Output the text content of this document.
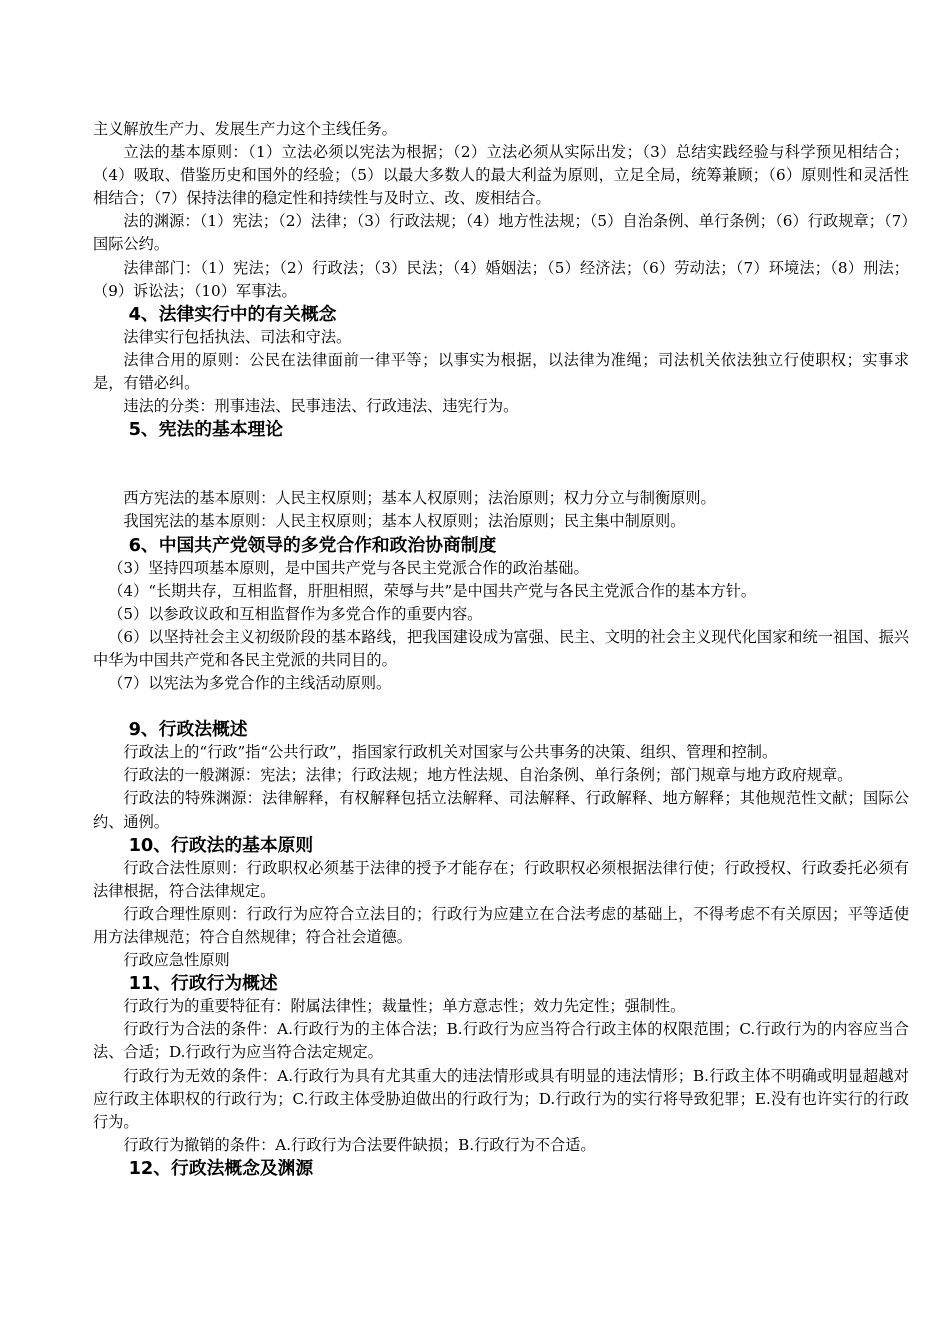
主义解放生产力、发展生产力这个主线任务。

立法的基本原则：（1）立法必须以宪法为根据；（2）立法必须从实际出发；（3）总结实践经验与科学预见相结合；（4）吸取、借鉴历史和国外的经验；（5）以最大多数人的最大利益为原则，立足全局，统筹兼顾；（6）原则性和灵活性相结合；（7）保持法律的稳定性和持续性与及时立、改、废相结合。

法的渊源：（1）宪法；（2）法律；（3）行政法规；（4）地方性法规；（5）自治条例、单行条例；（6）行政规章；（7）国际公约。

法律部门：（1）宪法；（2）行政法；（3）民法；（4）婚姻法；（5）经济法；（6）劳动法；（7）环境法；（8）刑法；（9）诉讼法；（10）军事法。

4、法律实行中的有关概念

法律实行包括执法、司法和守法。

法律合用的原则：公民在法律面前一律平等；以事实为根据，以法律为准绳；司法机关依法独立行使职权；实事求是，有错必纠。

违法的分类：刑事违法、民事违法、行政违法、违宪行为。

5、宪法的基本理论

西方宪法的基本原则：人民主权原则；基本人权原则；法治原则；权力分立与制衡原则。

我国宪法的基本原则：人民主权原则；基本人权原则；法治原则；民主集中制原则。

6、中国共产党领导的多党合作和政治协商制度

（3）坚持四项基本原则，是中国共产党与各民主党派合作的政治基础。

（4）“长期共存，互相监督，肝胆相照，荣辱与共”是中国共产党与各民主党派合作的基本方针。

（5）以参政议政和互相监督作为多党合作的重要内容。

（6）以坚持社会主义初级阶段的基本路线，把我国建设成为富强、民主、文明的社会主义现代化国家和统一祖国、振兴中华为中国共产党和各民主党派的共同目的。

（7）以宪法为多党合作的主线活动原则。

9、行政法概述

行政法上的“行政”指“公共行政”，指国家行政机关对国家与公共事务的决策、组织、管理和控制。

行政法的一般渊源：宪法；法律；行政法规；地方性法规、自治条例、单行条例；部门规章与地方政府规章。

行政法的特殊渊源：法律解释，有权解释包括立法解释、司法解释、行政解释、地方解释；其他规范性文献；国际公约、通例。

10、行政法的基本原则

行政合法性原则：行政职权必须基于法律的授予才能存在；行政职权必须根据法律行使；行政授权、行政委托必须有法律根据，符合法律规定。

行政合理性原则：行政行为应符合立法目的；行政行为应建立在合法考虑的基础上，不得考虑不有关原因；平等适使用方法律规范；符合自然规律；符合社会道德。

行政应急性原则

11、行政行为概述

行政行为的重要特征有：附属法律性；裁量性；单方意志性；效力先定性；强制性。

行政行为合法的条件：A.行政行为的主体合法；B.行政行为应当符合行政主体的权限范围；C.行政行为的内容应当合法、合适；D.行政行为应当符合法定规定。

行政行为无效的条件：A.行政行为具有尤其重大的违法情形或具有明显的违法情形；B.行政主体不明确或明显超越对应行政主体职权的行政行为；C.行政主体受胁迫做出的行政行为；D.行政行为的实行将导致犯罪；E.没有也许实行的行政行为。

行政行为撤销的条件：A.行政行为合法要件缺损；B.行政行为不合适。

12、行政法概念及渊源
